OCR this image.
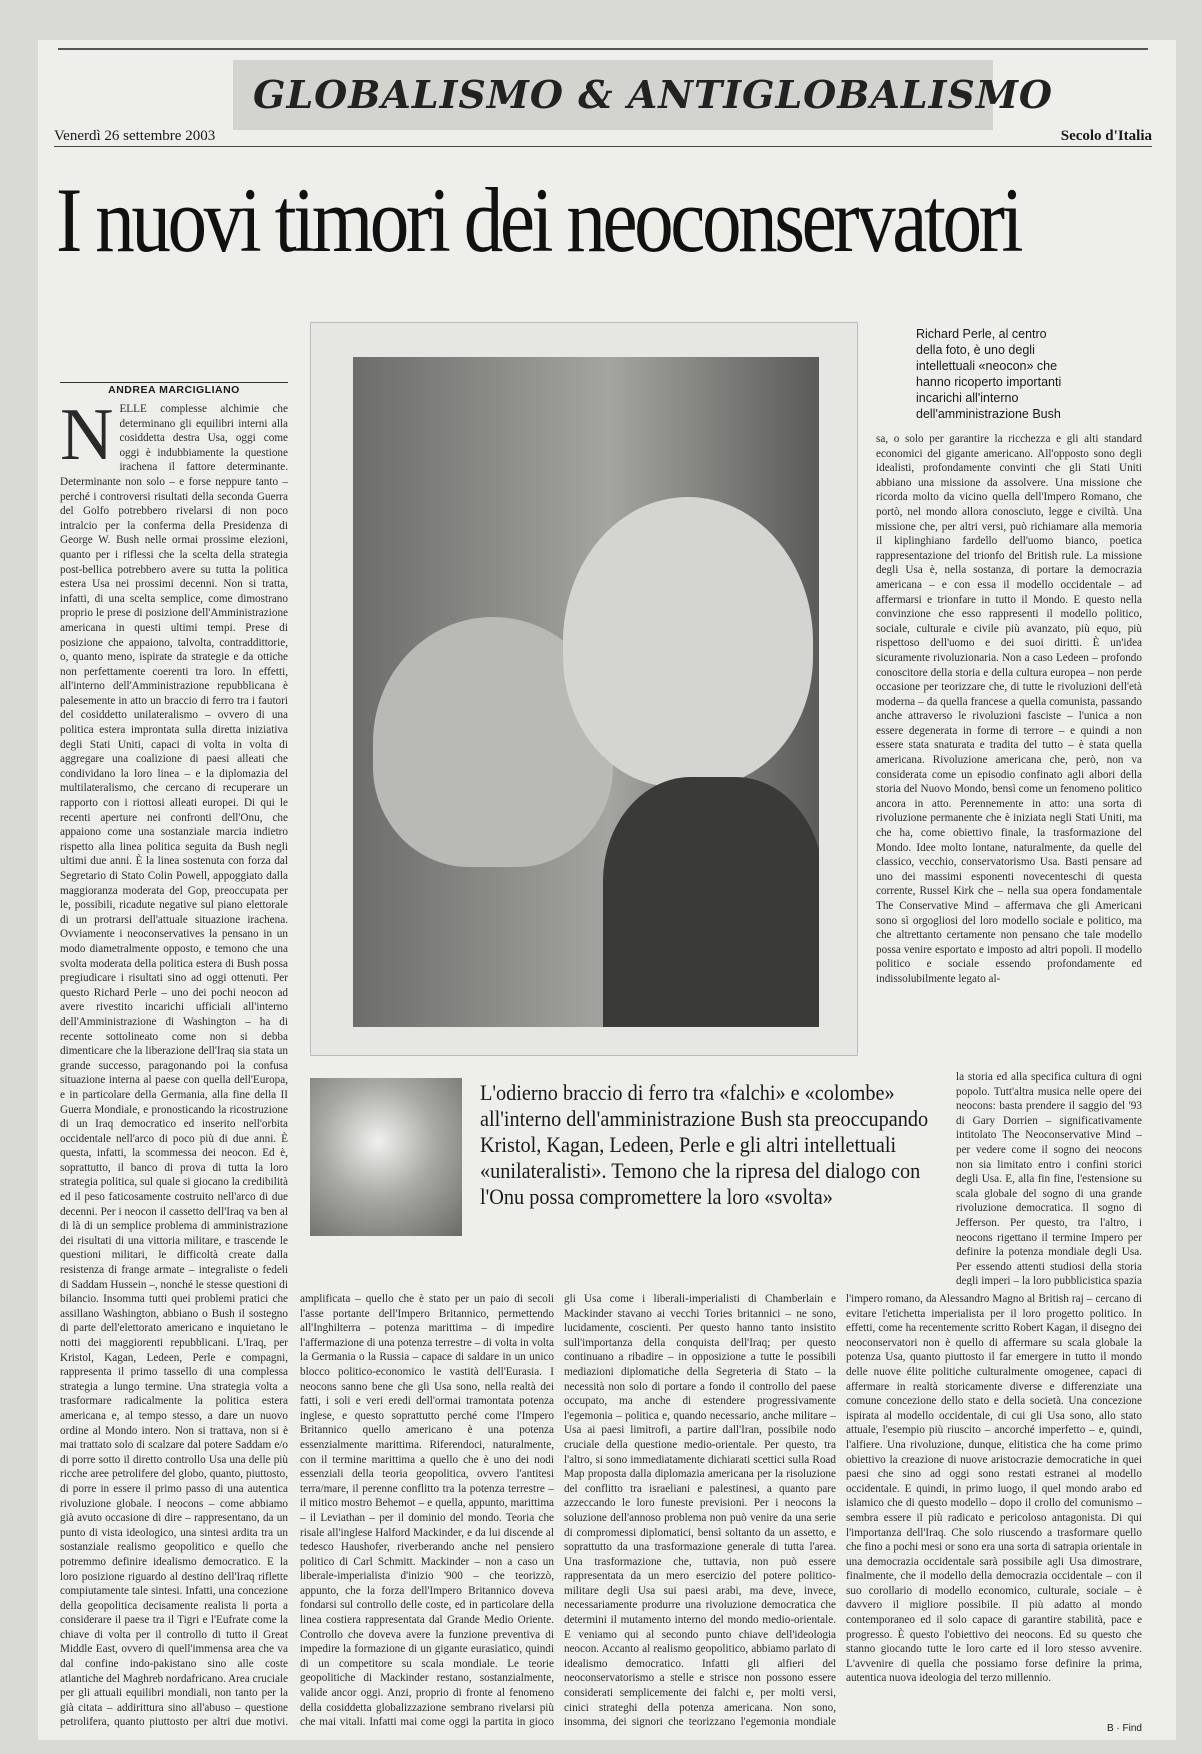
GLOBALISMO & ANTIGLOBALISMO
Venerdì 26 settembre 2003	Secolo d'Italia
I nuovi timori dei neoconservatori
ANDREA MARCIGLIANO
N ELLE complesse alchimie che determinano gli equilibri interni alla cosiddetta destra Usa, oggi come oggi è indubbiamente la questione irachena il fattore determinante. Determinante non solo – e forse neppure tanto – perché i controversi risultati della seconda Guerra del Golfo potrebbero rivelarsi di non poco intralcio per la conferma della Presidenza di George W. Bush nelle ormai prossime elezioni, quanto per i riflessi che la scelta della strategia post-bellica potrebbero avere su tutta la politica estera Usa nei prossimi decenni. Non si tratta, infatti, di una scelta semplice, come dimostrano proprio le prese di posizione dell'Amministrazione americana in questi ultimi tempi. Prese di posizione che appaiono, talvolta, contraddittorie, o, quanto meno, ispirate da strategie e da ottiche non perfettamente coerenti tra loro. In effetti, all'interno dell'Amministrazione repubblicana è palesemente in atto un braccio di ferro tra i fautori del cosiddetto unilateralismo – ovvero di una politica estera improntata sulla diretta iniziativa degli Stati Uniti, capaci di volta in volta di aggregare una coalizione di paesi alleati che condividano la loro linea – e la diplomazia del multilateralismo, che cercano di recuperare un rapporto con i riottosi alleati europei. Di qui le recenti aperture nei confronti dell'Onu, che appaiono come una sostanziale marcia indietro rispetto alla linea politica seguita da Bush negli ultimi due anni. È la linea sostenuta con forza dal Segretario di Stato Colin Powell, appoggiato dalla maggioranza moderata del Gop, preoccupata per le, possibili, ricadute negative sul piano elettorale di un protrarsi dell'attuale situazione irachena. Ovviamente i neoconservatives la pensano in un modo diametralmente opposto, e temono che una svolta moderata della politica estera di Bush possa pregiudicare i risultati sino ad oggi ottenuti. Per questo Richard Perle – uno dei pochi neocon ad avere rivestito incarichi ufficiali all'interno dell'Amministrazione di Washington – ha di recente sottolineato come non si debba dimenticare che la liberazione dell'Iraq sia stata un grande successo, paragonando poi la confusa situazione interna al paese con quella dell'Europa, e in particolare della Germania, alla fine della II Guerra Mondiale, e pronosticando la ricostruzione di un Iraq democratico ed inserito nell'orbita occidentale nell'arco di poco più di due anni. È questa, infatti, la scommessa dei neocon. Ed è, soprattutto, il banco di prova di tutta la loro strategia politica, sul quale si giocano la credibilità ed il peso faticosamente costruito nell'arco di due decenni. Per i neocon il cassetto dell'Iraq va ben al di là di un semplice problema di amministrazione dei risultati di una vittoria militare, e trascende le questioni militari, le difficoltà create dalla resistenza di frange armate – integraliste o fedeli di Saddam Hussein –, nonché le stesse questioni di bilancio. Insomma tutti quei problemi pratici che assillano Washington, abbiano o Bush il sostegno di parte dell'elettorato americano e inquietano le notti dei maggiorenti repubblicani. L'Iraq, per Kristol, Kagan, Ledeen, Perle e compagni, rappresenta il primo tassello di una complessa strategia a lungo termine. Una strategia volta a trasformare radicalmente la politica estera americana e, al tempo stesso, a dare un nuovo ordine al Mondo intero. Non si trattava, non si è mai trattato solo di scalzare dal potere Saddam e/o di porre sotto il diretto controllo Usa una delle più ricche aree petrolifere del globo, quanto, piuttosto, di porre in essere il primo passo di una autentica rivoluzione globale. I neocons – come abbiamo già avuto occasione di dire – rappresentano, da un punto di vista ideologico, una sintesi ardita tra un sostanziale realismo geopolitico e quello che potremmo definire idealismo democratico. E la loro posizione riguardo al destino dell'Iraq riflette compiutamente tale sintesi. Infatti, una concezione della geopolitica decisamente realista li porta a considerare il paese tra il Tigri e l'Eufrate come la chiave di volta per il controllo di tutto il Great Middle East, ovvero di quell'immensa area che va dal confine indo-pakistano sino alle coste atlantiche del Maghreb nordafricano. Area cruciale per gli attuali equilibri mondiali, non tanto per la già citata – addirittura sino all'abuso – questione petrolifera, quanto piuttosto per altri due motivi.
Richard Perle, al centro della foto, è uno degli intellettuali «neocon» che hanno ricoperto importanti incarichi all'interno dell'amministrazione Bush
sa, o solo per garantire la ricchezza e gli alti standard economici del gigante americano. All'opposto sono degli idealisti, profondamente convinti che gli Stati Uniti abbiano una missione da assolvere. Una missione che ricorda molto da vicino quella dell'Impero Romano, che portò, nel mondo allora conosciuto, legge e civiltà. Una missione che, per altri versi, può richiamare alla memoria il kiplinghiano fardello dell'uomo bianco, poetica rappresentazione del trionfo del British rule. La missione degli Usa è, nella sostanza, di portare la democrazia americana – e con essa il modello occidentale – ad affermarsi e trionfare in tutto il Mondo. E questo nella convinzione che esso rappresenti il modello politico, sociale, culturale e civile più avanzato, più equo, più rispettoso dell'uomo e dei suoi diritti. È un'idea sicuramente rivoluzionaria. Non a caso Ledeen – profondo conoscitore della storia e della cultura europea – non perde occasione per teorizzare che, di tutte le rivoluzioni dell'età moderna – da quella francese a quella comunista, passando anche attraverso le rivoluzioni fasciste – l'unica a non essere degenerata in forme di terrore – e quindi a non essere stata snaturata e tradita del tutto – è stata quella americana. Rivoluzione americana che, però, non va considerata come un episodio confinato agli albori della storia del Nuovo Mondo, bensì come un fenomeno politico ancora in atto. Perennemente in atto: una sorta di rivoluzione permanente che è iniziata negli Stati Uniti, ma che ha, come obiettivo finale, la trasformazione del Mondo. Idee molto lontane, naturalmente, da quelle del classico, vecchio, conservatorismo Usa. Basti pensare ad uno dei massimi esponenti novecenteschi di questa corrente, Russel Kirk che – nella sua opera fondamentale The Conservative Mind – affermava che gli Americani sono sì orgogliosi del loro modello sociale e politico, ma che altrettanto certamente non pensano che tale modello possa venire esportato e imposto ad altri popoli. Il modello politico e sociale essendo profondamente ed indissolubilmente legato al-
L'odierno braccio di ferro tra «falchi» e «colombe» all'interno dell'amministrazione Bush sta preoccupando Kristol, Kagan, Ledeen, Perle e gli altri intellettuali «unilateralisti». Temono che la ripresa del dialogo con l'Onu possa compromettere la loro «svolta»
la storia ed alla specifica cultura di ogni popolo. Tutt'altra musica nelle opere dei neocons: basta prendere il saggio del '93 di Gary Dorrien – significativamente intitolato The Neoconservative Mind – per vedere come il sogno dei neocons non sia limitato entro i confini storici degli Usa. E, alla fin fine, l'estensione su scala globale del sogno di una grande rivoluzione democratica. Il sogno di Jefferson. Per questo, tra l'altro, i neocons rigettano il termine Impero per definire la potenza mondiale degli Usa. Per essendo attenti studiosi della storia degli imperi – la loro pubblicistica spazia
amplificata – quello che è stato per un paio di secoli l'asse portante dell'Impero Britannico, permettendo all'Inghilterra – potenza marittima – di impedire l'affermazione di una potenza terrestre – di volta in volta la Germania o la Russia – capace di saldare in un unico blocco politico-economico le vastità dell'Eurasia. I neocons sanno bene che gli Usa sono, nella realtà dei fatti, i soli e veri eredi dell'ormai tramontata potenza inglese, e questo soprattutto perché come l'Impero Britannico quello americano è una potenza essenzialmente marittima. Riferendoci, naturalmente, con il termine marittima a quello che è uno dei nodi essenziali della teoria geopolitica, ovvero l'antitesi terra/mare, il perenne conflitto tra la potenza terrestre – il mitico mostro Behemot – e quella, appunto, marittima – il Leviathan – per il dominio del mondo. Teoria che risale all'inglese Halford Mackinder, e da lui discende al tedesco Haushofer, riverberando anche nel pensiero politico di Carl Schmitt. Mackinder – non a caso un liberale-imperialista d'inizio '900 – che teorizzò, appunto, che la forza dell'Impero Britannico doveva fondarsi sul controllo delle coste, ed in particolare della linea costiera rappresentata dal Grande Medio Oriente. Controllo che doveva avere la funzione preventiva di impedire la formazione di un gigante eurasiatico, quindi di un competitore su scala mondiale. Le teorie geopolitiche di Mackinder restano, sostanzialmente, valide ancor oggi. Anzi, proprio di fronte al fenomeno della cosiddetta globalizzazione sembrano rivelarsi più che mai vitali. Infatti mai come oggi la partita in gioco
gli Usa come i liberali-imperialisti di Chamberlain e Mackinder stavano ai vecchi Tories britannici – ne sono, lucidamente, coscienti. Per questo hanno tanto insistito sull'importanza della conquista dell'Iraq; per questo continuano a ribadire – in opposizione a tutte le possibili mediazioni diplomatiche della Segreteria di Stato – la necessità non solo di portare a fondo il controllo del paese occupato, ma anche di estendere progressivamente l'egemonia – politica e, quando necessario, anche militare – Usa ai paesi limitrofi, a partire dall'Iran, possibile nodo cruciale della questione medio-orientale. Per questo, tra l'altro, si sono immediatamente dichiarati scettici sulla Road Map proposta dalla diplomazia americana per la risoluzione del conflitto tra israeliani e palestinesi, a quanto pare azzeccando le loro funeste previsioni. Per i neocons la soluzione dell'annoso problema non può venire da una serie di compromessi diplomatici, bensì soltanto da un assetto, e soprattutto da una trasformazione generale di tutta l'area. Una trasformazione che, tuttavia, non può essere rappresentata da un mero esercizio del potere politico-militare degli Usa sui paesi arabi, ma deve, invece, necessariamente produrre una rivoluzione democratica che determini il mutamento interno del mondo medio-orientale. E veniamo qui al secondo punto chiave dell'ideologia neocon. Accanto al realismo geopolitico, abbiamo parlato di idealismo democratico. Infatti gli alfieri del neoconservatorismo a stelle e strisce non possono essere considerati semplicemente dei falchi e, per molti versi, cinici strateghi della potenza americana. Non sono, insomma, dei signori che teorizzano l'egemonia mondiale
l'impero romano, da Alessandro Magno al British raj – cercano di evitare l'etichetta imperialista per il loro progetto politico. In effetti, come ha recentemente scritto Robert Kagan, il disegno dei neoconservatori non è quello di affermare su scala globale la potenza Usa, quanto piuttosto il far emergere in tutto il mondo delle nuove élite politiche culturalmente omogenee, capaci di affermare in realtà storicamente diverse e differenziate una comune concezione dello stato e della società. Una concezione ispirata al modello occidentale, di cui gli Usa sono, allo stato attuale, l'esempio più riuscito – ancorché imperfetto – e, quindi, l'alfiere. Una rivoluzione, dunque, elitistica che ha come primo obiettivo la creazione di nuove aristocrazie democratiche in quei paesi che sino ad oggi sono restati estranei al modello occidentale. E quindi, in primo luogo, il quel mondo arabo ed islamico che di questo modello – dopo il crollo del comunismo – sembra essere il più radicato e pericoloso antagonista. Di qui l'importanza dell'Iraq. Che solo riuscendo a trasformare quello che fino a pochi mesi or sono era una sorta di satrapia orientale in una democrazia occidentale sarà possibile agli Usa dimostrare, finalmente, che il modello della democrazia occidentale – con il suo corollario di modello economico, culturale, sociale – è davvero il migliore possibile. Il più adatto al mondo contemporaneo ed il solo capace di garantire stabilità, pace e progresso. È questo l'obiettivo dei neocons. Ed su questo che stanno giocando tutte le loro carte ed il loro stesso avvenire. L'avvenire di quella che possiamo forse definire la prima, autentica nuova ideologia del terzo millennio.
B · Find
